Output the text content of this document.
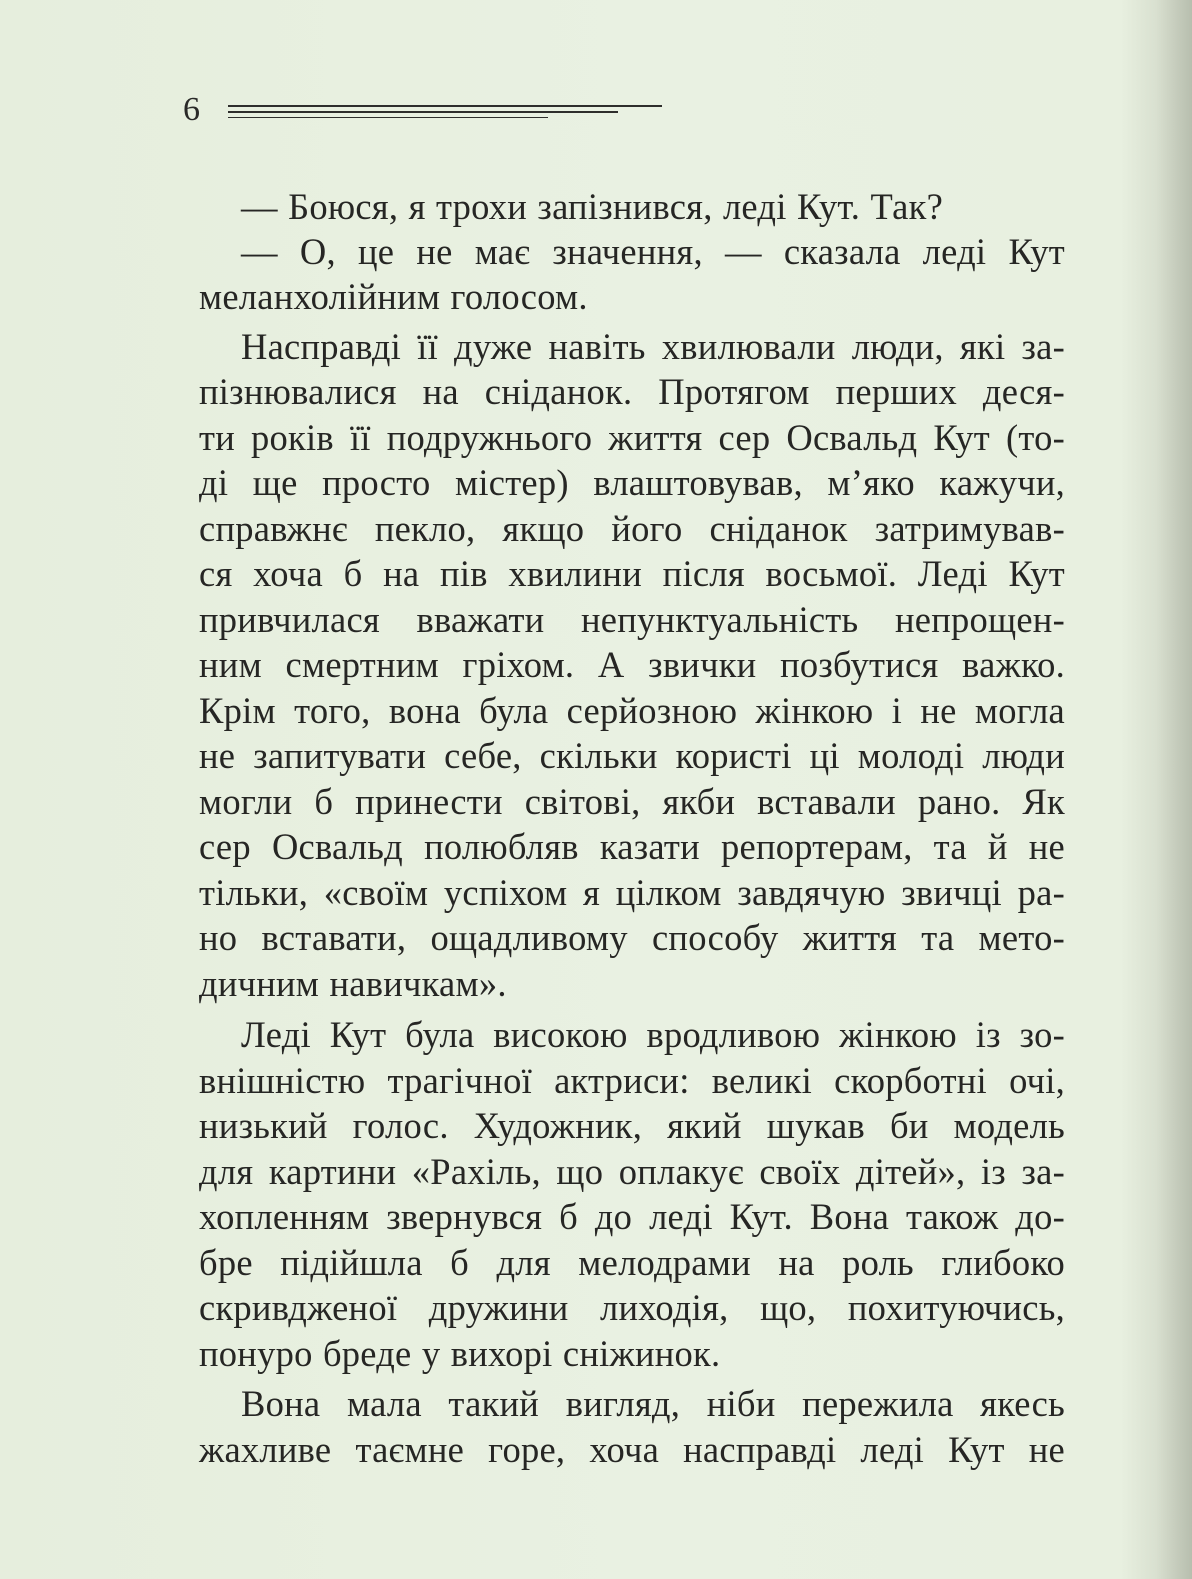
6
— Боюся, я трохи запізнився, леді Кут. Так?
— О, це не має значення, — сказала леді Кут
меланхолійним голосом.
Насправді її дуже навіть хвилювали люди, які за-
пізнювалися на сніданок. Протягом перших деся-
ти років її подружнього життя сер Освальд Кут (то-
ді ще просто містер) влаштовував, м’яко кажучи,
справжнє пекло, якщо його сніданок затримував-
ся хоча б на пів хвилини після восьмої. Леді Кут
привчилася вважати непунктуальність непрощен-
ним смертним гріхом. А звички позбутися важко.
Крім того, вона була серйозною жінкою і не могла
не запитувати себе, скільки користі ці молоді люди
могли б принести світові, якби вставали рано. Як
сер Освальд полюбляв казати репортерам, та й не
тільки, «своїм успіхом я цілком завдячую звичці ра-
но вставати, ощадливому способу життя та мето-
дичним навичкам».
Леді Кут була високою вродливою жінкою із зо-
внішністю трагічної актриси: великі скорботні очі,
низький голос. Художник, який шукав би модель
для картини «Рахіль, що оплакує своїх дітей», із за-
хопленням звернувся б до леді Кут. Вона також до-
бре підійшла б для мелодрами на роль глибоко
скривдженої дружини лиходія, що, похитуючись,
понуро бреде у вихорі сніжинок.
Вона мала такий вигляд, ніби пережила якесь
жахливе таємне горе, хоча насправді леді Кут не
